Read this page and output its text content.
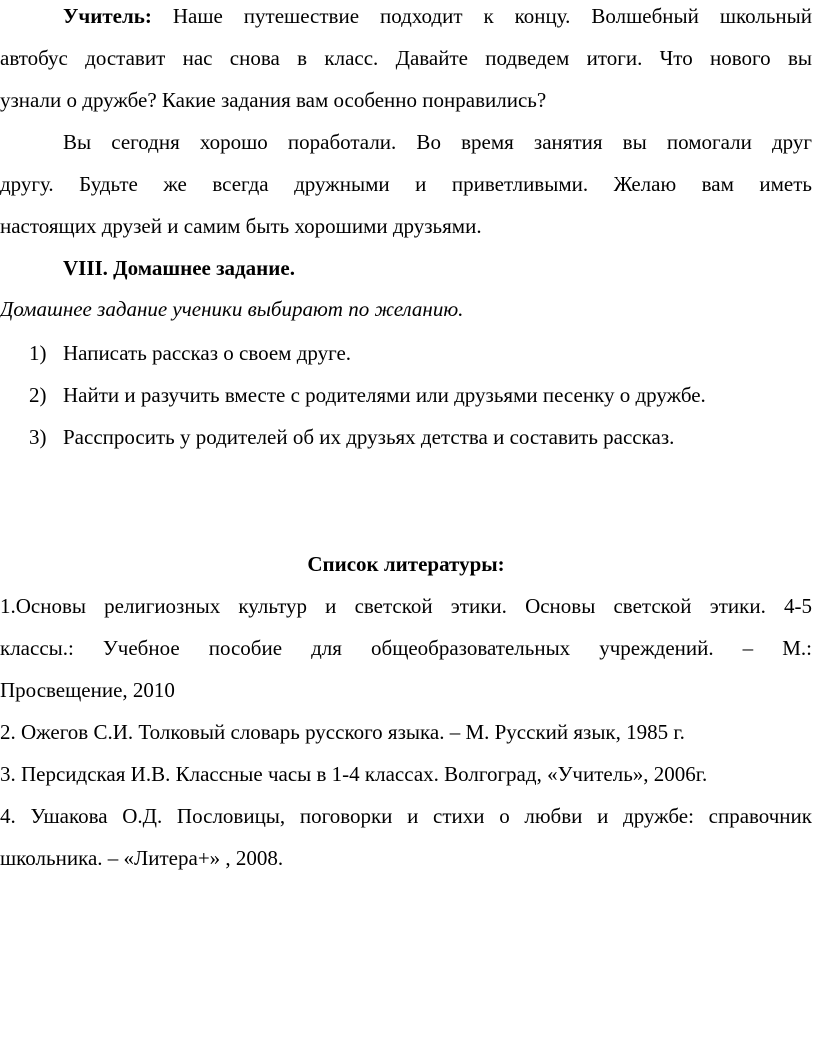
Учитель: Наше путешествие подходит к концу. Волшебный школьный
автобус доставит нас снова в класс. Давайте подведем итоги. Что нового вы
узнали о дружбе? Какие задания вам особенно понравились?
Вы сегодня хорошо поработали. Во время занятия вы помогали друг
другу. Будьте же всегда дружными и приветливыми. Желаю вам иметь
настоящих друзей и самим быть хорошими друзьями.
VIII. Домашнее задание.
Домашнее задание ученики выбирают по желанию.
1) Написать рассказ о своем друге.
2) Найти и разучить вместе с родителями или друзьями песенку о дружбе.
3) Расспросить у родителей об их друзьях детства и составить рассказ.
Список литературы:
1.Основы религиозных культур и светской этики. Основы светской этики. 4-5
классы.: Учебное пособие для общеобразовательных учреждений. – М.:
Просвещение, 2010
2. Ожегов С.И. Толковый словарь русского языка. – М. Русский язык, 1985 г.
3. Персидская И.В. Классные часы в 1-4 классах. Волгоград, «Учитель», 2006г.
4. Ушакова О.Д. Пословицы, поговорки и стихи о любви и дружбе: справочник
школьника. – «Литера+» , 2008.
